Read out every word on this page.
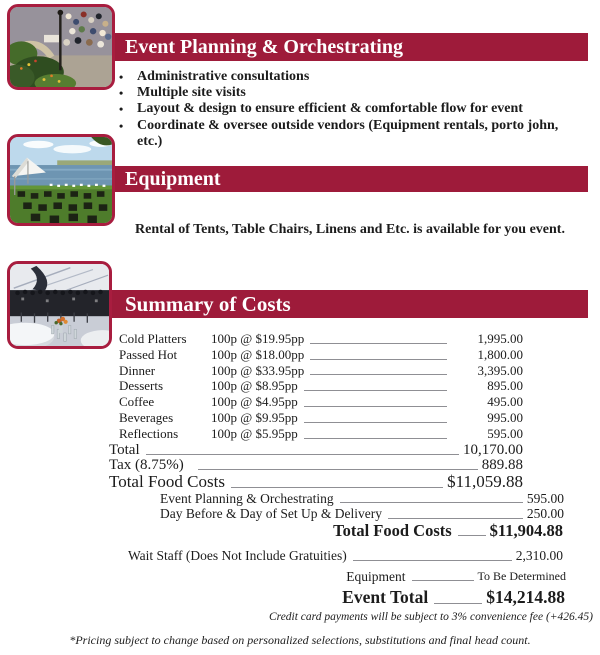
Event Planning & Orchestrating
• Administrative consultations
• Multiple site visits
• Layout & design to ensure efficient & comfortable flow for event
• Coordinate & oversee outside vendors (Equipment rentals, porto john, etc.)
Equipment
Rental of Tents, Table Chairs, Linens and Etc. is available for you event.
Summary of Costs
Cold Platters	100p @ $19.95pp	1,995.00
Passed Hot	100p @ $18.00pp	1,800.00
Dinner	100p @ $33.95pp	3,395.00
Desserts	100p @ $8.95pp	895.00
Coffee	100p @ $4.95pp	495.00
Beverages	100p @ $9.95pp	995.00
Reflections	100p @ $5.95pp	595.00
Total	10,170.00
Tax (8.75%)	889.88
Total Food Costs	$11,059.88
Event Planning & Orchestrating	595.00
Day Before & Day of Set Up & Delivery	250.00
Total Food Costs $11,904.88
Wait Staff (Does Not Include Gratuities)	2,310.00
Equipment	To Be Determined
Event Total	$14,214.88
Credit card payments will be subject to 3% convenience fee (+426.45)
*Pricing subject to change based on personalized selections, substitutions and final head count.
